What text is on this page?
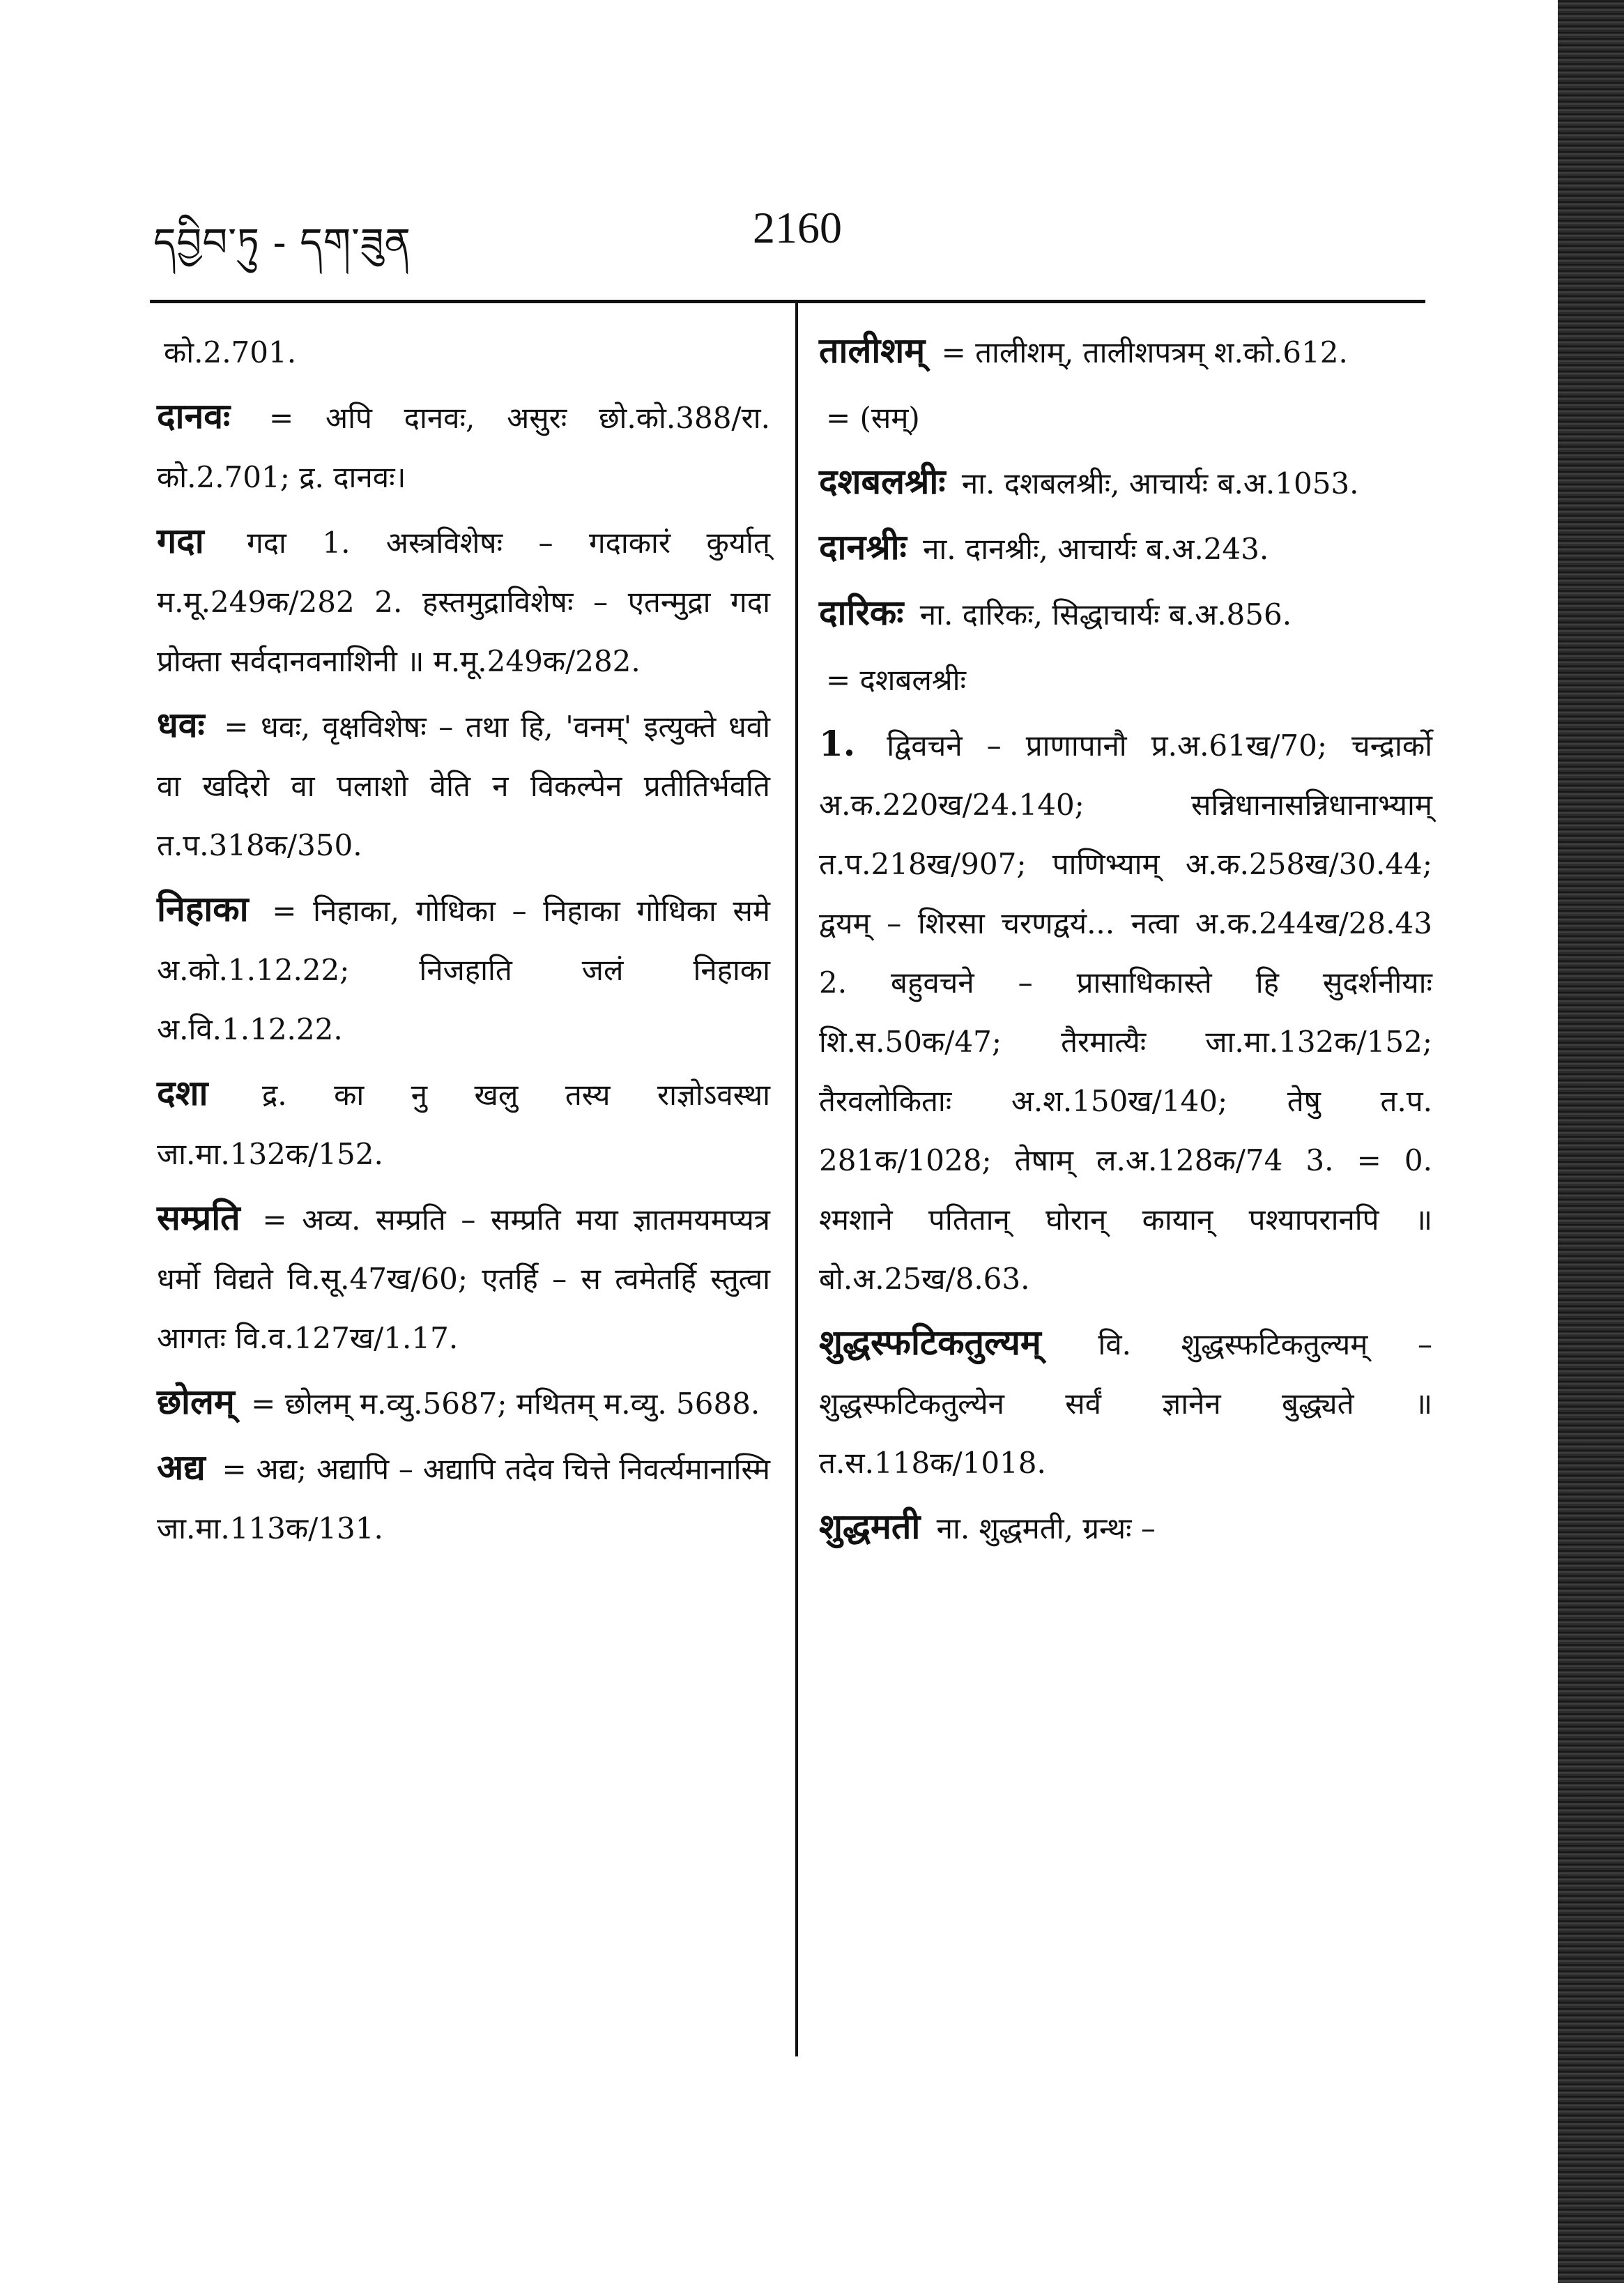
དབྱིབ་ཏུ - དག་ཟུན	2160
को.2.701.
दानवः = अपि दानवः, असुरः छो.को.388/रा. को.2.701; द्र. दानवः।
गदा गदा 1. अस्त्रविशेषः – गदाकारं कुर्यात् म.मू.249क/282 2. हस्तमुद्राविशेषः – एतन्मुद्रा गदा प्रोक्ता सर्वदानवनाशिनी ॥ म.मू.249क/282.
धवः = धवः, वृक्षविशेषः – तथा हि, 'वनम्' इत्युक्ते धवो वा खदिरो वा पलाशो वेति न विकल्पेन प्रतीतिर्भवति त.प.318क/350.
निहाका = निहाका, गोधिका – निहाका गोधिका समे अ.को.1.12.22; निजहाति जलं निहाका अ.वि.1.12.22.
दशा द्र. का नु खलु तस्य राज्ञोऽवस्था जा.मा.132क/152.
सम्प्रति = अव्य. सम्प्रति – सम्प्रति मया ज्ञातमयमप्यत्र धर्मो विद्यते वि.सू.47ख/60; एतर्हि – स त्वमेतर्हि स्तुत्वा आगतः वि.व.127ख/1.17.
छोलम् = छोलम् म.व्यु.5687; मथितम् म.व्यु. 5688.
अद्य = अद्य; अद्यापि – अद्यापि तदेव चित्ते निवर्त्यमानास्मि जा.मा.113क/131.
तालीशम् = तालीशम्, तालीशपत्रम् श.को.612.
= (सम्)
दशबलश्रीः ना. दशबलश्रीः, आचार्यः ब.अ.1053.
दानश्रीः ना. दानश्रीः, आचार्यः ब.अ.243.
दारिकः ना. दारिकः, सिद्धाचार्यः ब.अ.856.
= दशबलश्रीः
1. द्विवचने – प्राणापानौ प्र.अ.61ख/70; चन्द्रार्को अ.क.220ख/24.140; सन्निधानासन्निधानाभ्याम् त.प.218ख/907; पाणिभ्याम् अ.क.258ख/30.44; द्वयम् – शिरसा चरणद्वयं... नत्वा अ.क.244ख/28.43 2. बहुवचने – प्रासाधिकास्ते हि सुदर्शनीयाः शि.स.50क/47; तैरमात्यैः जा.मा.132क/152; तैरवलोकिताः अ.श.150ख/140; तेषु त.प. 281क/1028; तेषाम् ल.अ.128क/74 3. = 0. श्मशाने पतितान् घोरान् कायान् पश्यापरानपि ॥ बो.अ.25ख/8.63.
शुद्धस्फटिकतुल्यम् वि. शुद्धस्फटिकतुल्यम् – शुद्धस्फटिकतुल्येन सर्वं ज्ञानेन बुद्ध्यते ॥ त.स.118क/1018.
शुद्धमती ना. शुद्धमती, ग्रन्थः –
